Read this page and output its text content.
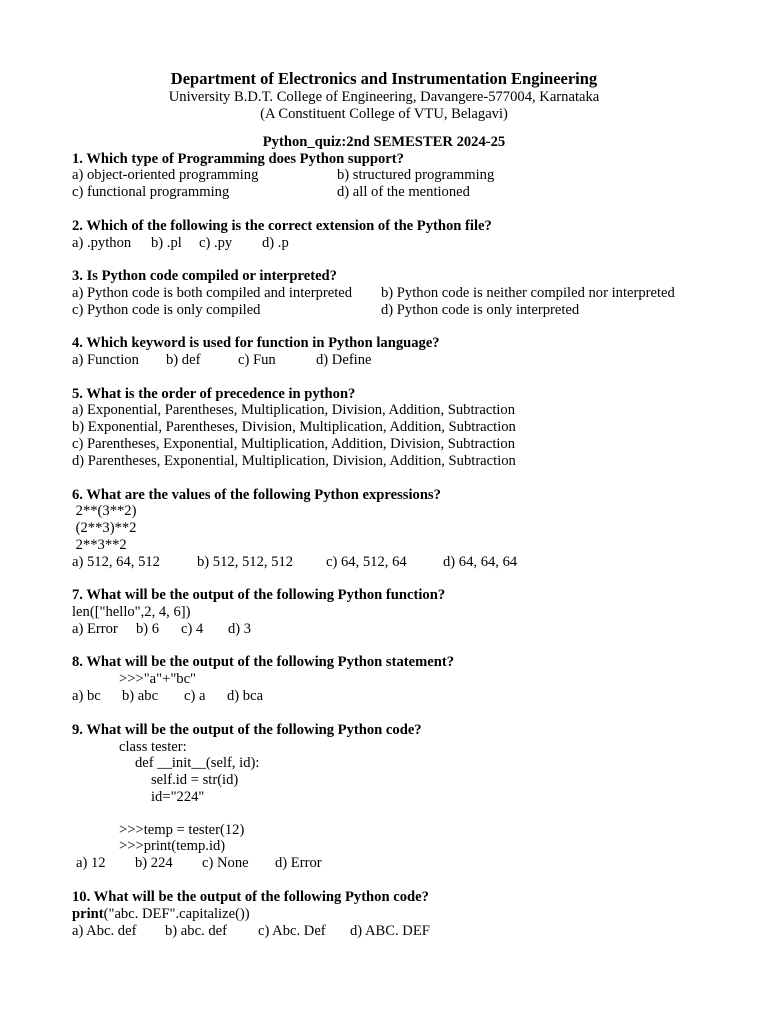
Department of Electronics and Instrumentation Engineering
University B.D.T. College of Engineering, Davangere-577004, Karnataka
(A Constituent College of VTU, Belagavi)
Python_quiz:2nd SEMESTER 2024-25
1. Which type of Programming does Python support?
a) object-oriented programming	b) structured programming
c) functional programming	d) all of the mentioned
2. Which of the following is the correct extension of the Python file?
a) .python b) .pl c) .py d) .p
3. Is Python code compiled or interpreted?
a) Python code is both compiled and interpreted b) Python code is neither compiled nor interpreted
c) Python code is only compiled	d) Python code is only interpreted
4. Which keyword is used for function in Python language?
a) Function b) def	c) Fun	d) Define
5. What is the order of precedence in python?
a) Exponential, Parentheses, Multiplication, Division, Addition, Subtraction
b) Exponential, Parentheses, Division, Multiplication, Addition, Subtraction
c) Parentheses, Exponential, Multiplication, Addition, Division, Subtraction
d) Parentheses, Exponential, Multiplication, Division, Addition, Subtraction
6. What are the values of the following Python expressions?
2**(3**2)
(2**3)**2
2**3**2
a) 512, 64, 512	b) 512, 512, 512 c) 64, 512, 64 d) 64, 64, 64
7. What will be the output of the following Python function?
len(["hello",2, 4, 6])
a) Error b) 6 c) 4 d) 3
8. What will be the output of the following Python statement?
>>>"a"+"bc"
a) bc b) abc c) a d) bca
9. What will be the output of the following Python code?
class tester:
def __init__(self, id):
self.id = str(id)
id="224"
>>>temp = tester(12)
>>>print(temp.id)
a) 12 b) 224 c) None d) Error
10. What will be the output of the following Python code?
print("abc. DEF".capitalize())
a) Abc. def b) abc. def c) Abc. Def d) ABC. DEF
